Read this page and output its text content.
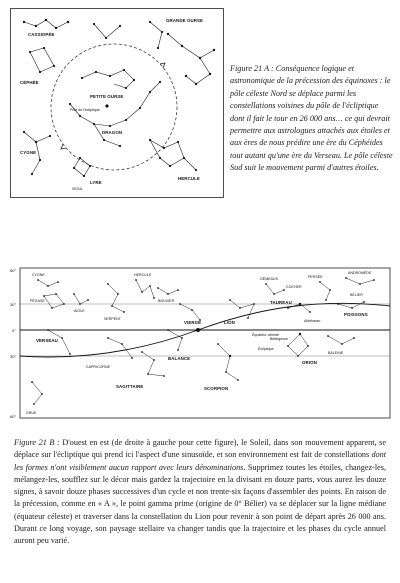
CASSIOPÉE
GRANDE OURSE
CÉPHÉE
PETITE OURSE
Pôle de l'écliptique
DRAGON
CYGNE
HERCULE
LYRE
VEGA
Figure 21 A : Conséquence logique et astronomique de la précession des équinoxes : le pôle céleste Nord se déplace parmi les constellations voisines du pôle de l'écliptique dont il fait le tour en 26 000 ans… ce qui devrait permettre aux astrologues attachés aux étoiles et aux ères de nous prédire une ère du Céphéides tout autant qu'une ère du Verseau. Le pôle céleste Sud suit le mouvement parmi d'autres étoiles.
60°
30°
0°
30°
60°
CYGNE
PÉGASE
AIGLE
SERPENT
HERCULE
BOUVIER
VIERGE	LION
GÉMEAUX
TAUREAU
PERSÉE
ANDROMÈDE
BÉLIER
POISSONS
COCHER
Bételgeuse
Aldébaran
ORION
VERSEAU
BALANCE
CAPRICORNE
SAGITTAIRE	SCORPION
BALEINE
GRUE
Équateur céleste
Écliptique
Figure 21 B : D'ouest en est (de droite à gauche pour cette figure), le Soleil, dans son mouvement apparent, se déplace sur l'écliptique qui prend ici l'aspect d'une sinusoïde, et son environnement est fait de constellations dont les formes n'ont visiblement aucun rapport avec leurs dénominations. Supprimez toutes les étoiles, changez-les, mélangez-les, soufflez sur le décor mais gardez la trajectoire en la divisant en douze parts, vous aurez les douze signes, à savoir douze phases successives d'un cycle et non trente-six façons d'assembler des points. En raison de la précession, comme en « A », le point gamma prime (origine de 0° Bélier) va se déplacer sur la ligne médiane (équateur céleste) et traverser dans la constellation du Lion pour revenir à son point de départ après 26 000 ans. Durant ce long voyage, son paysage stellaire va changer tandis que la trajectoire et les phases du cycle annuel auront peu varié.
